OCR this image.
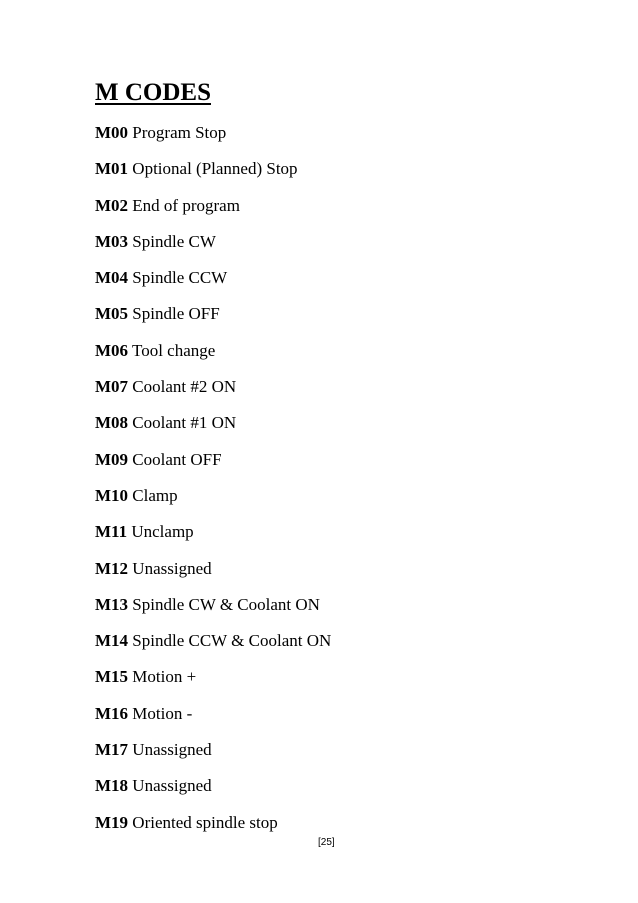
M CODES
M00 Program Stop
M01 Optional (Planned) Stop
M02 End of program
M03 Spindle CW
M04 Spindle CCW
M05 Spindle OFF
M06 Tool change
M07 Coolant #2 ON
M08 Coolant #1 ON
M09 Coolant OFF
M10 Clamp
M11 Unclamp
M12 Unassigned
M13 Spindle CW & Coolant ON
M14 Spindle CCW & Coolant ON
M15 Motion +
M16 Motion -
M17 Unassigned
M18 Unassigned
M19 Oriented spindle stop
[25]
